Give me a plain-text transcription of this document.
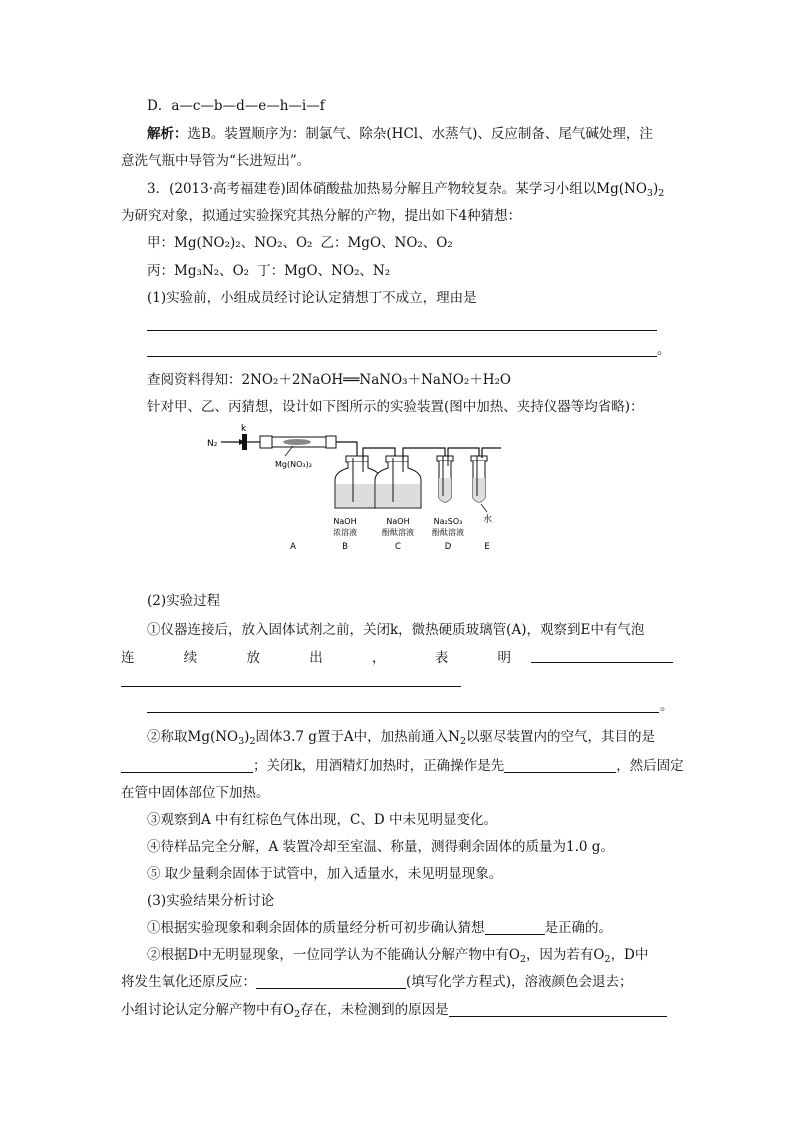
D．a—c—b—d—e—h—i—f
解析：选B。装置顺序为：制氯气、除杂(HCl、水蒸气)、反应制备、尾气碱处理，注
意洗气瓶中导管为“长进短出”。
3．(2013·高考福建卷)固体硝酸盐加热易分解且产物较复杂。某学习小组以$Mg(NO_3)_2$
为研究对象，拟通过实验探究其热分解的产物，提出如下4种猜想：
甲：Mg(NO₂)₂、NO₂、O₂ 乙：MgO、NO₂、O₂
丙：Mg₃N₂、O₂ 丁：MgO、NO₂、N₂
(1)实验前，小组成员经讨论认定猜想丁不成立，理由是
。
查阅资料得知：2NO₂＋2NaOH══NaNO₃＋NaNO₂＋H₂O
针对甲、乙、丙猜想，设计如下图所示的实验装置(图中加热、夹持仪器等均省略)：
N₂
k
Mg(NO₃)₂
水
NaOH
浓溶液
NaOH
酚酞溶液
Na₂SO₃
酚酞溶液
A	B	C	D	E
(2)实验过程
①仪器连接后，放入固体试剂之前，关闭k，微热硬质玻璃管(A)，观察到E中有气泡
连	续	放	出	，	表	明
。
②称取$Mg(NO_3)_2$固体3.7 g置于A中，加热前通入$N_2$以驱尽装置内的空气，其目的是
；关闭k，用酒精灯加热时，正确操作是先	，然后固定
在管中固体部位下加热。
③观察到A 中有红棕色气体出现，C、D 中未见明显变化。
④待样品完全分解，A 装置冷却至室温、称量，测得剩余固体的质量为1.0 g。
⑤ 取少量剩余固体于试管中，加入适量水，未见明显现象。
(3)实验结果分析讨论
①根据实验现象和剩余固体的质量经分析可初步确认猜想	是正确的。
②根据D中无明显现象，一位同学认为不能确认分解产物中有$O_2$，因为若有$O_2$，D中
将发生氧化还原反应：	(填写化学方程式)，溶液颜色会退去；
小组讨论认定分解产物中有$O_2$存在，未检测到的原因是
